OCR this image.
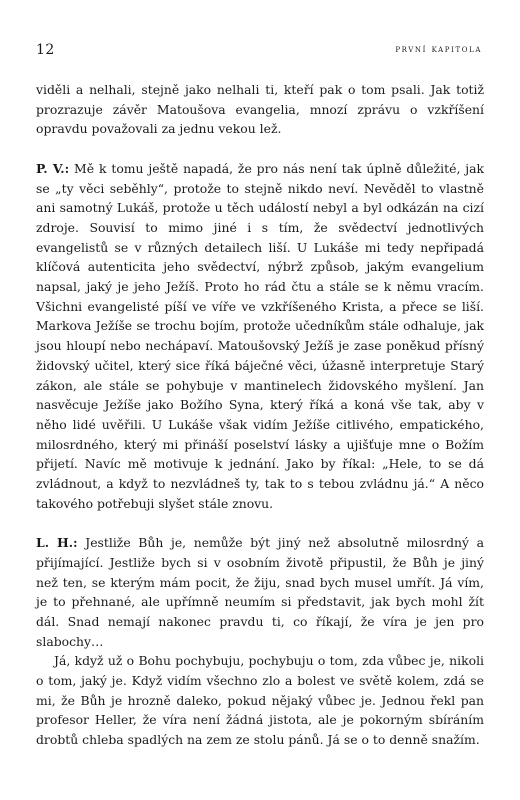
12	první kapitola

viděli a nelhali, stejně jako nelhali ti, kteří pak o tom psali. Jak totiž prozrazuje závěr Matoušova evangelia, mnozí zprávu o vzkříšení opravdu považovali za jednu vekou lež.

P. V.: Mě k tomu ještě napadá, že pro nás není tak úplně důležité, jak se „ty věci seběhly“, protože to stejně nikdo neví. Nevěděl to vlastně ani samotný Lukáš, protože u těch událostí nebyl a byl odkázán na cizí zdroje. Souvisí to mimo jiné i s tím, že svědectví jednotlivých evangelistů se v různých detailech liší. U Lukáše mi tedy nepřipadá klíčová autenticita jeho svědectví, nýbrž způsob, jakým evangelium napsal, jaký je jeho Ježíš. Proto ho rád čtu a stále se k němu vracím. Všichni evangelisté píší ve víře ve vzkříšeného Krista, a přece se liší. Markova Ježíše se trochu bojím, protože učedníkům stále odhaluje, jak jsou hloupí nebo nechápaví. Matoušovský Ježíš je zase poněkud přísný židovský učitel, který sice říká báječné věci, úžasně interpretuje Starý zákon, ale stále se pohybuje v mantinelech židovského myšlení. Jan nasvěcuje Ježíše jako Božího Syna, který říká a koná vše tak, aby v něho lidé uvěřili. U Lukáše však vidím Ježíše citlivého, empatického, milosrdného, který mi přináší poselství lásky a ujišťuje mne o Božím přijetí. Navíc mě motivuje k jednání. Jako by říkal: „Hele, to se dá zvládnout, a když to nezvládneš ty, tak to s tebou zvládnu já.“ A něco takového potřebuji slyšet stále znovu.

L. H.: Jestliže Bůh je, nemůže být jiný než absolutně milosrdný a přijímající. Jestliže bych si v osobním životě připustil, že Bůh je jiný než ten, se kterým mám pocit, že žiju, snad bych musel umřít. Já vím, je to přehnané, ale upřímně neumím si představit, jak bych mohl žít dál. Snad nemají nakonec pravdu ti, co říkají, že víra je jen pro slabochy…

Já, když už o Bohu pochybuju, pochybuju o tom, zda vůbec je, nikoli o tom, jaký je. Když vidím všechno zlo a bolest ve světě kolem, zdá se mi, že Bůh je hrozně daleko, pokud nějaký vůbec je. Jednou řekl pan profesor Heller, že víra není žádná jistota, ale je pokorným sbíráním drobtů chleba spadlých na zem ze stolu pánů. Já se o to denně snažím.
